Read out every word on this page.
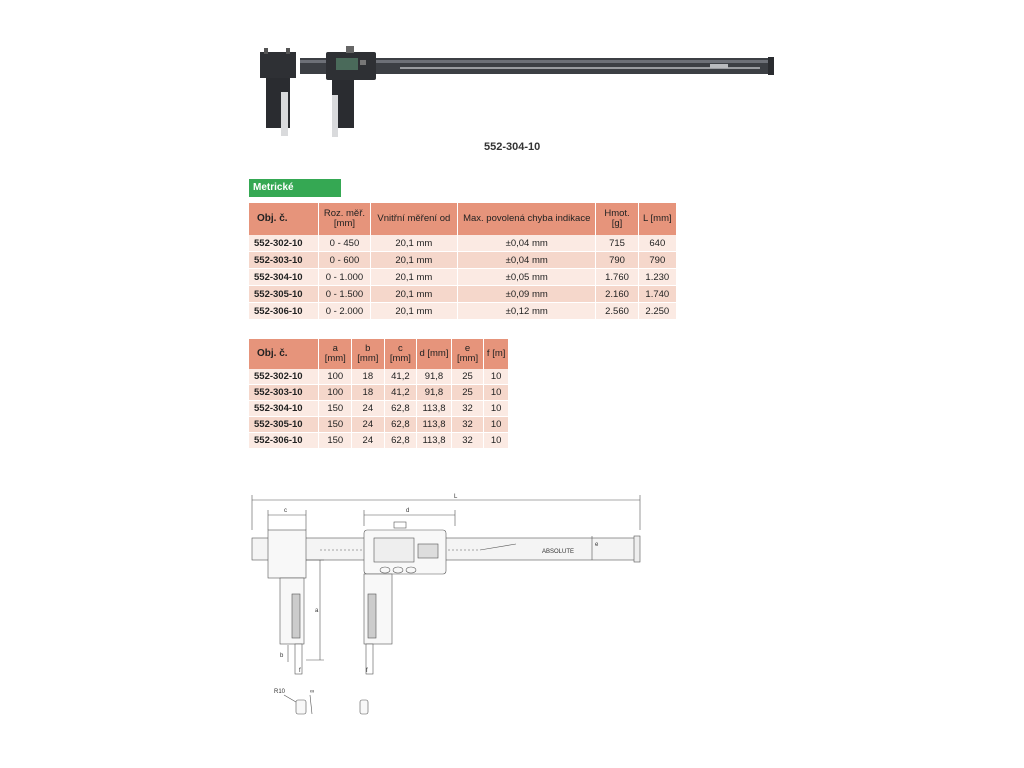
552-304-10
Metrické
Obj. č.	Roz. měř. [mm]	Vnitřní měření od	Max. povolená chyba indikace	Hmot. [g]	L [mm]
552-302-10	0 - 450	20,1 mm	±0,04 mm	715	640
552-303-10	0 - 600	20,1 mm	±0,04 mm	790	790
552-304-10	0 - 1.000	20,1 mm	±0,05 mm	1.760	1.230
552-305-10	0 - 1.500	20,1 mm	±0,09 mm	2.160	1.740
552-306-10	0 - 2.000	20,1 mm	±0,12 mm	2.560	2.250
Obj. č.	a [mm]	b [mm]	c [mm]	d [mm]	e [mm]	f [m]
552-302-10	100	18	41,2	91,8	25	10
552-303-10	100	18	41,2	91,8	25	10
552-304-10	150	24	62,8	113,8	32	10
552-305-10	150	24	62,8	113,8	32	10
552-306-10	150	24	62,8	113,8	32	10
L
c	d
e
a
b
f	f
R10	∞
ABSOLUTE
